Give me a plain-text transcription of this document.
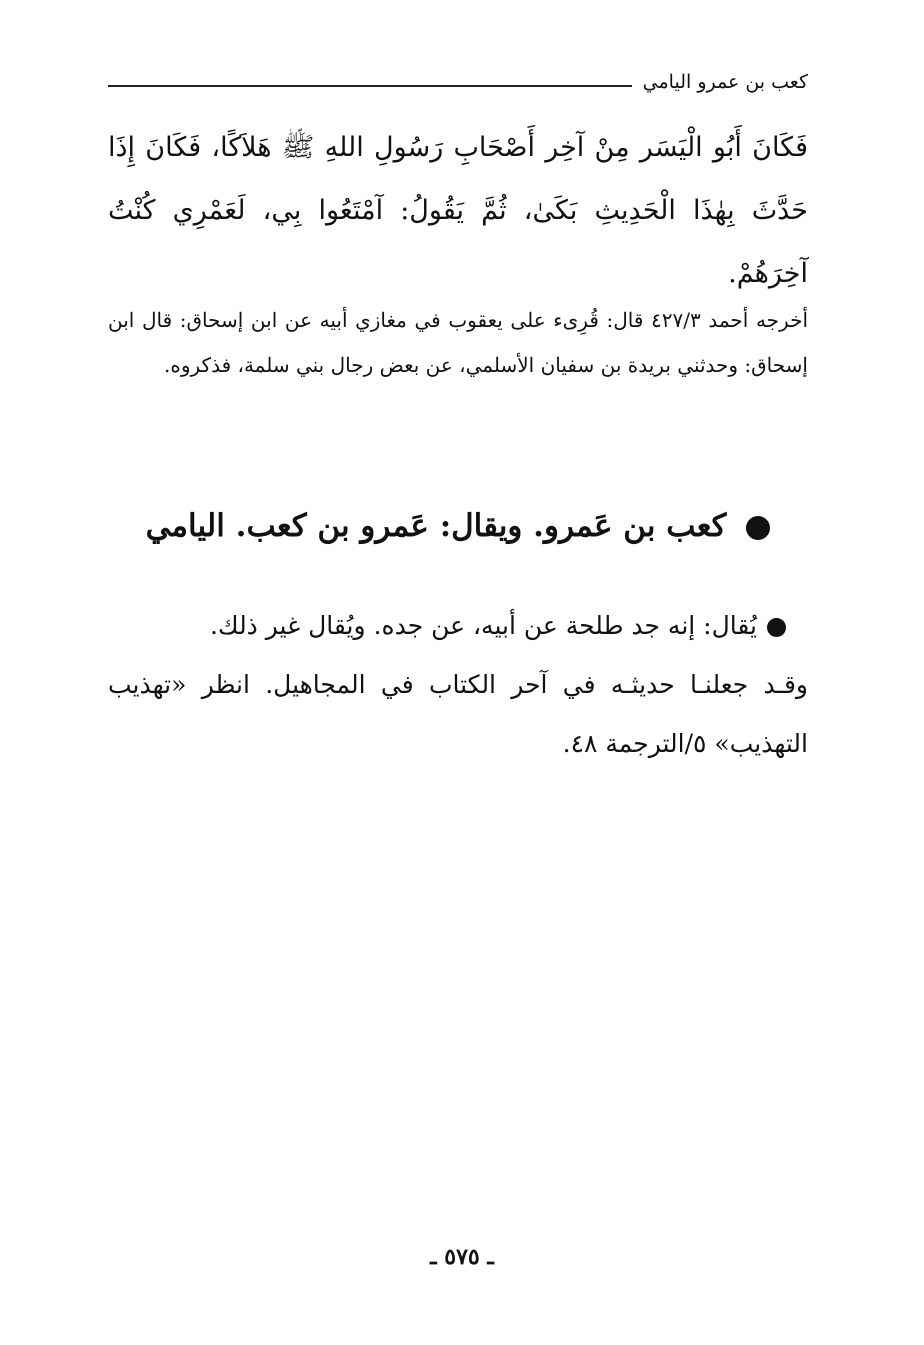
كعب بن عمرو اليامي

فَكَانَ أَبُو الْيَسَر مِنْ آخِر أَصْحَابِ رَسُولِ اللهِ ﷺ هَلاَكًا، فَكَانَ إِذَا حَدَّثَ بِهٰذَا الْحَدِيثِ بَكَىٰ، ثُمَّ يَقُولُ: آمْتَعُوا بِي، لَعَمْرِي كُنْتُ آخِرَهُمْ.

أخرجه أحمد ٤٢٧/٣ قال: قُرِىء على يعقوب في مغازي أبيه عن ابن إسحاق: قال ابن إسحاق: وحدثني بريدة بن سفيان الأسلمي، عن بعض رجال بني سلمة، فذكروه.

كعب بن عَمرو. ويقال: عَمرو بن كعب. اليامي
يُقال: إنه جد طلحة عن أبيه، عن جده. ويُقال غير ذلك.
وقـد جعلنـا حديثـه في آحر الكتاب في المجاهيل. انظر «تهذيب التهذيب» ٥/الترجمة ٤٨.
ـ ٥٧٥ ـ
